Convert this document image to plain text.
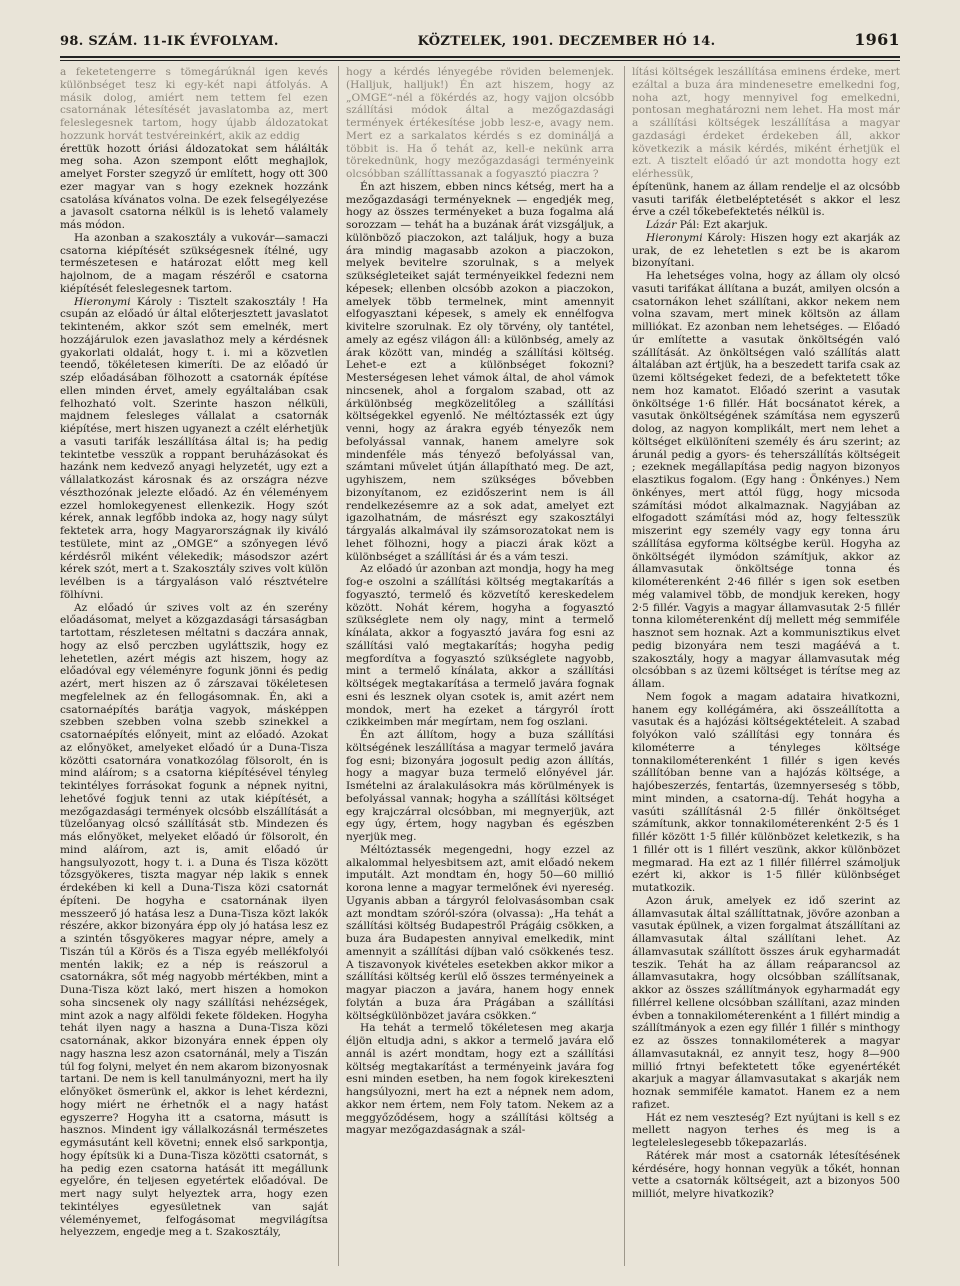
98. SZÁM. 11-IK ÉVFOLYAM.	KÖZTELEK, 1901. DECZEMBER HÓ 14.	1961

a feketetengerre s tömegárúknál igen kevés különbséget tesz ki egy-két napi átfolyás. A másik dolog, amiért nem tettem fel ezen csatornának létesítését javaslatomba az, mert feleslegesnek tartom, hogy újabb áldozatokat hozzunk horvát testvéreinkért, akik az eddig

érettük hozott óriási áldozatokat sem hálálták meg soha. Azon szempont előtt meghajlok, amelyet Forster szegyző úr említett, hogy ott 300 ezer magyar van s hogy ezeknek hozzánk csatolása kívánatos volna. De ezek felsegélyezése a javasolt csatorna nélkül is is lehető valamely más módon.

Ha azonban a szakosztály a vukovár—samaczi csatorna kiépítését szükségesnek ítélné, ugy természetesen e határozat előtt meg kell hajolnom, de a magam részéről e csatorna kiépítését feleslegesnek tartom.

Hieronymi Károly : Tisztelt szakosztály ! Ha csupán az előadó úr által előterjesztett javaslatot tekinteném, akkor szót sem emelnék, mert hozzájárulok ezen javaslathoz mely a kérdésnek gyakorlati oldalát, hogy t. i. mi a közvetlen teendő, tökéletesen kimeríti. De az előadó úr szép előadásában fölhozott a csatornák építése ellen minden érvet, amely egyáltalában csak felhozható volt. Szerinte haszon nélküli, majdnem felesleges vállalat a csatornák kiépítése, mert hiszen ugyanezt a czélt elérhetjük a vasuti tarifák leszállítása által is; ha pedig tekintetbe vesszük a roppant beruházásokat és hazánk nem kedvező anyagi helyzetét, ugy ezt a vállalatkozást károsnak és az országra nézve vészthozónak jelezte előadó. Az én véleményem ezzel homlokegyenest ellenkezik. Hogy szót kérek, annak legfőbb indoka az, hogy nagy súlyt fektetek arra, hogy Magyarországnak ily kiváló testülete, mint az „OMGE“ a szőnyegen lévő kérdésről miként vélekedik; másodszor azért kérek szót, mert a t. Szakosztály szives volt külön levélben is a tárgyaláson való résztvételre fölhívni.

Az előadó úr szives volt az én szerény előadásomat, melyet a közgazdasági társaságban tartottam, részletesen méltatni s daczára annak, hogy az első perczben ugyláttszik, hogy ez lehetetlen, azért mégis azt hiszem, hogy az előadóval egy véleményre fogunk jönni és pedig azért, mert hiszen az ő zárszavai tökéletesen megfelelnek az én fellogásomnak. Én, aki a csatornaépítés barátja vagyok, másképpen szebben szebben volna szebb szinekkel a csatornaépítés előnyeit, mint az előadó. Azokat az előnyöket, amelyeket előadó úr a Duna-Tisza közötti csatornára vonatkozólag fölsorolt, én is mind aláírom; s a csatorna kiépítésével tényleg tekintélyes forrásokat fogunk a népnek nyitni, lehetővé fogjuk tenni az utak kiépítését, a mezőgazdasági termények olcsóbb elszállítását a tüzelőanyag olcsó szállítását stb. Mindezen és más előnyöket, melyeket előadó úr fölsorolt, én mind aláírom, azt is, amit előadó úr hangsulyozott, hogy t. i. a Duna és Tisza között tőzsgyökeres, tiszta magyar nép lakik s ennek érdekében ki kell a Duna-Tisza közi csatornát építeni. De hogyha e csatornának ilyen messzeerő jó hatása lesz a Duna-Tisza közt lakók részére, akkor bizonyára épp oly jó hatása lesz ez a szintén tősgyökeres magyar népre, amely a Tiszán túl a Körös és a Tisza egyéb mellékfolyói mentén lakik; ez a nép is reászorul a csatornákra, sőt még nagyobb mértékben, mint a Duna-Tisza közt lakó, mert hiszen a homokon soha sincsenek oly nagy szállítási nehézségek, mint azok a nagy alföldi fekete földeken. Hogyha tehát ilyen nagy a haszna a Duna-Tisza közi csatornának, akkor bizonyára ennek éppen oly nagy haszna lesz azon csatornánál, mely a Tiszán túl fog folyni, melyet én nem akarom bizonyosnak tartani. De nem is kell tanulmányozni, mert ha ily előnyöket ösmerünk el, akkor is lehet kérdezni, hogy miért ne érhetnők el a nagy hatást egyszerre? Hogyha itt a csatorna, másutt is hasznos. Mindent igy vállalkozásnál természetes egymásutánt kell követni; ennek első sarkpontja, hogy építsük ki a Duna-Tisza közötti csatornát, s ha pedig ezen csatorna hatását itt megállunk egyelőre, én teljesen egyetértek előadóval. De mert nagy sulyt helyeztek arra, hogy ezen tekintélyes egyesületnek van saját véleményemet, felfogásomat megvilágítsa helyezzem, engedje meg a t. Szakosztály,

hogy a kérdés lényegébe röviden belemenjek. (Halljuk, halljuk!) Én azt hiszem, hogy az „OMGE“-nél a fökérdés az, hogy vajjon olcsóbb szállítási módok által a mezőgazdasági termények értékesítése jobb lesz-e, avagy nem. Mert ez a sarkalatos kérdés s ez domináljá a többit is. Ha ő tehát az, kell-e nekünk arra törekednünk, hogy mezőgazdasági terményeink olcsóbban szállíttassanak a fogyasztó piaczra ?

Én azt hiszem, ebben nincs kétség, mert ha a mezőgazdasági terményeknek — engedjék meg, hogy az összes terményeket a buza fogalma alá sorozzam — tehát ha a buzának árát vizsgáljuk, a különböző piaczokon, azt találjuk, hogy a buza ára mindig magasabb azokon a piaczokon, melyek bevitelre szorulnak, s a melyek szükségleteiket saját terményeikkel fedezni nem képesek; ellenben olcsóbb azokon a piaczokon, amelyek több termelnek, mint amennyit elfogyasztani képesek, s amely ek ennélfogva kivitelre szorulnak. Ez oly törvény, oly tantétel, amely az egész világon áll: a különbség, amely az árak között van, mindég a szállítási költség. Lehet-e ezt a különbséget fokozni? Mesterségesen lehet vámok által, de ahol vámok nincsenek, ahol a forgalom szabad, ott az árkülönbség megközelitőleg a szállítási költségekkel egyenlő. Ne méltóztassék ezt úgy venni, hogy az árakra egyéb tényezők nem befolyással vannak, hanem amelyre sok mindenféle más tényező befolyással van, számtani művelet útján állapítható meg. De azt, ugyhiszem, nem szükséges bővebben bizonyítanom, ez ezidőszerint nem is áll rendelkezésemre az a sok adat, amelyet ezt igazolhatnám, de másrészt egy szakosztályi tárgyalás alkalmával ily számsorozatokat nem is lehet fölhozni, hogy a piaczi árak közt a különbséget a szállítási ár és a vám teszi.

Az előadó úr azonban azt mondja, hogy ha meg fog-e oszolni a szállítási költség megtakarítás a fogyasztó, termelő és közvetítő kereskedelem között. Nohát kérem, hogyha a fogyasztó szükséglete nem oly nagy, mint a termelő kínálata, akkor a fogyasztó javára fog esni az szállítási való megtakarítás; hogyha pedig megfordítva a fogyasztó szükséglete nagyobb, mint a termelő kínálata, akkor a szállítási költségek megtakarítása a termelő javára fognak esni és lesznek olyan csotek is, amit azért nem mondok, mert ha ezeket a tárgyról írott czikkeimben már megírtam, nem fog oszlani.

Én azt állítom, hogy a buza szállítási költségének leszállítása a magyar termelő javára fog esni; bizonyára jogosult pedig azon állítás, hogy a magyar buza termelő előnyével jár. Ismételni az áralakulásokra más körülmények is befolyással vannak; hogyha a szállítási költséget egy krajczárral olcsóbban, mi megnyerjük, azt egy úgy, értem, hogy nagyban és egészben nyerjük meg.

Méltóztassék megengedni, hogy ezzel az alkalommal helyesbitsem azt, amit előadó nekem imputált. Azt mondtam én, hogy 50—60 millió korona lenne a magyar termelőnek évi nyereség. Ugyanis abban a tárgyról felolvasásomban csak azt mondtam szóról-szóra (olvassa): „Ha tehát a szállítási költség Budapestről Prágáig csökken, a buza ára Budapesten annyival emelkedik, mint amennyit a szállítási díjban való csökkenés tesz. A tiszavonyok kivételes esetekben akkor mikor a szállítási költség kerül elő összes terményeinek a magyar piaczon a javára, hanem hogy ennek folytán a buza ára Prágában a szállítási költségkülönbözet javára csökken.“

Ha tehát a termelő tökéletesen meg akarja éljön eltudja adni, s akkor a termelő javára elő annál is azért mondtam, hogy ezt a szállítási költség megtakarítást a terményeink javára fog esni minden esetben, ha nem fogok kirekeszteni hangsúlyozni, mert ha ezt a népnek nem adom, akkor nem értem, nem Foly tatom. Nekem az a meggyőződésem, hogy a szállítási költség a magyar mezőgazdaságnak a szál-

lítási költségek leszállítása eminens érdeke, mert ezáltal a buza ára mindenesetre emelkedni fog, noha azt, hogy mennyivel fog emelkedni, pontosan meghatározni nem lehet. Ha most már a szállítási költségek leszállítása a magyar gazdasági érdeket érdekeben áll, akkor következik a másik kérdés, miként érhetjük el ezt. A tisztelt előadó úr azt mondotta hogy ezt elérhessük,

építenünk, hanem az állam rendelje el az olcsóbb vasuti tarifák életbeléptetését s akkor el lesz érve a czél tőkebefektetés nélkül is.

Lázár Pál: Ezt akarjuk.

Hieronymi Károly: Hiszen hogy ezt akarják az urak, de ez lehetetlen s ezt be is akarom bizonyítani.

Ha lehetséges volna, hogy az állam oly olcsó vasuti tarifákat állítana a buzát, amilyen olcsón a csatornákon lehet szállítani, akkor nekem nem volna szavam, mert minek költsön az állam milliókat. Ez azonban nem lehetséges. — Előadó úr említette a vasutak önköltségén való szállítását. Az önköltségen való szállítás alatt általában azt értjük, ha a beszedett tarifa csak az üzemi költségeket fedezi, de a befektetett tőke nem hoz kamatot. Előadó szerint a vasutak önköltsége 1·6 fillér. Hát bocsánatot kérek, a vasutak önköltségének számítása nem egyszerű dolog, az nagyon komplikált, mert nem lehet a költséget elkülöníteni személy és áru szerint; az árunál pedig a gyors- és teherszállítás költségeit ; ezeknek megállapítása pedig nagyon bizonyos elasztikus fogalom. (Egy hang : Önkényes.) Nem önkényes, mert attól függ, hogy micsoda számítási módot alkalmaznak. Nagyjában az elfogadott számítási mód az, hogy feltesszük miszerint egy személy vagy egy tonna áru szállítása egyforma költségbe kerül. Hogyha az önköltségét ilymódon számítjuk, akkor az államvasutak önköltsége tonna és kilométerenként 2·46 fillér s igen sok esetben még valamivel több, de mondjuk kereken, hogy 2·5 fillér. Vagyis a magyar államvasutak 2·5 fillér tonna kilométerenként díj mellett még semmiféle hasznot sem hoznak. Azt a kommunisztikus elvet pedig bizonyára nem teszi magáévá a t. szakosztály, hogy a magyar államvasutak még olcsóbban s az üzemi költséget is térítse meg az állam.

Nem fogok a magam adataira hivatkozni, hanem egy kollégáméra, aki összeállította a vasutak és a hajózási költségektételeit. A szabad folyókon való szállítási egy tonnára és kilométerre a tényleges költsége tonnakilométerenként 1 fillér s igen kevés szállítóban benne van a hajózás költsége, a hajóbeszerzés, fentartás, üzemnyerseség s több, mint minden, a csatorna-díj. Tehát hogyha a vasúti szállításnál 2·5 fillér önköltséget számítunk, akkor tonnakilométerenként 2·5 és 1 fillér között 1·5 fillér különbözet keletkezik, s ha 1 fillér ott is 1 fillért veszünk, akkor különbözet megmarad. Ha ezt az 1 fillér fillérrel számoljuk ezért ki, akkor is 1·5 fillér különbséget mutatkozik.

Azon áruk, amelyek ez idő szerint az államvasutak által szállíttatnak, jövőre azonban a vasutak épülnek, a vizen forgalmat átszállítani az államvasutak által szállítani lehet. Az államvasutak szállított összes áruk egyharmadát teszik. Tehát ha az állam reáparancsol az államvasutakra, hogy olcsóbban szállítsanak, akkor az összes szállítmányok egyharmadát egy fillérrel kellene olcsóbban szállítani, azaz minden évben a tonnakilométerenként a 1 fillért mindig a szállítmányok a ezen egy fillér 1 fillér s minthogy ez az összes tonnakilométerek a magyar államvasutaknál, ez annyit tesz, hogy 8—900 millió frtnyi befektetett tőke egyenértékét akarjuk a magyar államvasutakat s akarják nem hoznak semmiféle kamatot. Hanem ez a nem rafizet.

Hát ez nem veszteség? Ezt nyújtani is kell s ez mellett nagyon terhes és meg is a legteleleslegesebb tőkepazarlás.

Rátérek már most a csatornák létesítésének kérdésére, hogy honnan vegyük a tőkét, honnan vette a csatornák költségeit, azt a bizonyos 500 milliót, melyre hivatkozik?
